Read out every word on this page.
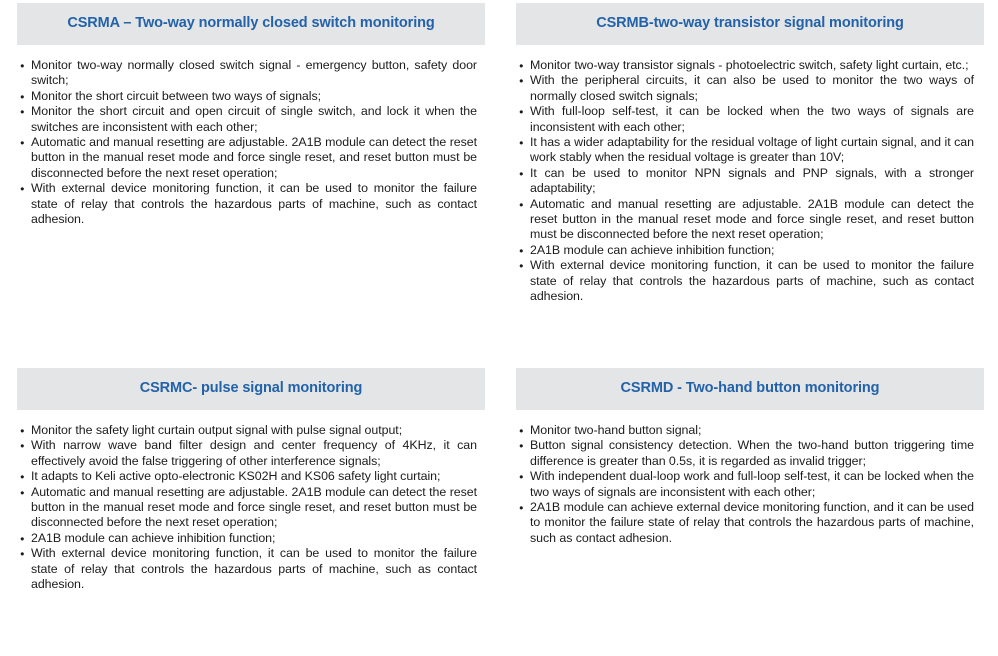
CSRMA – Two-way normally closed switch monitoring
● Monitor two-way normally closed switch signal - emergency button, safety door switch;
● Monitor the short circuit between two ways of signals;
● Monitor the short circuit and open circuit of single switch, and lock it when the switches are inconsistent with each other;
● Automatic and manual resetting are adjustable. 2A1B module can detect the reset button in the manual reset mode and force single reset, and reset button must be disconnected before the next reset operation;
● With external device monitoring function, it can be used to monitor the failure state of relay that controls the hazardous parts of machine, such as contact adhesion.
CSRMB-two-way transistor signal monitoring
● Monitor two-way transistor signals - photoelectric switch, safety light curtain, etc.;
● With the peripheral circuits, it can also be used to monitor the two ways of normally closed switch signals;
● With full-loop self-test, it can be locked when the two ways of signals are inconsistent with each other;
● It has a wider adaptability for the residual voltage of light curtain signal, and it can work stably when the residual voltage is greater than 10V;
● It can be used to monitor NPN signals and PNP signals, with a stronger adaptability;
● Automatic and manual resetting are adjustable. 2A1B module can detect the reset button in the manual reset mode and force single reset, and reset button must be disconnected before the next reset operation;
● 2A1B module can achieve inhibition function;
● With external device monitoring function, it can be used to monitor the failure state of relay that controls the hazardous parts of machine, such as contact adhesion.
CSRMC- pulse signal monitoring
● Monitor the safety light curtain output signal with pulse signal output;
● With narrow wave band filter design and center frequency of 4KHz, it can effectively avoid the false triggering of other interference signals;
● It adapts to Keli active opto-electronic KS02H and KS06 safety light curtain;
● Automatic and manual resetting are adjustable. 2A1B module can detect the reset button in the manual reset mode and force single reset, and reset button must be disconnected before the next reset operation;
● 2A1B module can achieve inhibition function;
● With external device monitoring function, it can be used to monitor the failure state of relay that controls the hazardous parts of machine, such as contact adhesion.
CSRMD - Two-hand button monitoring
● Monitor two-hand button signal;
● Button signal consistency detection. When the two-hand button triggering time difference is greater than 0.5s, it is regarded as invalid trigger;
● With independent dual-loop work and full-loop self-test, it can be locked when the two ways of signals are inconsistent with each other;
● 2A1B module can achieve external device monitoring function, and it can be used to monitor the failure state of relay that controls the hazardous parts of machine, such as contact adhesion.
